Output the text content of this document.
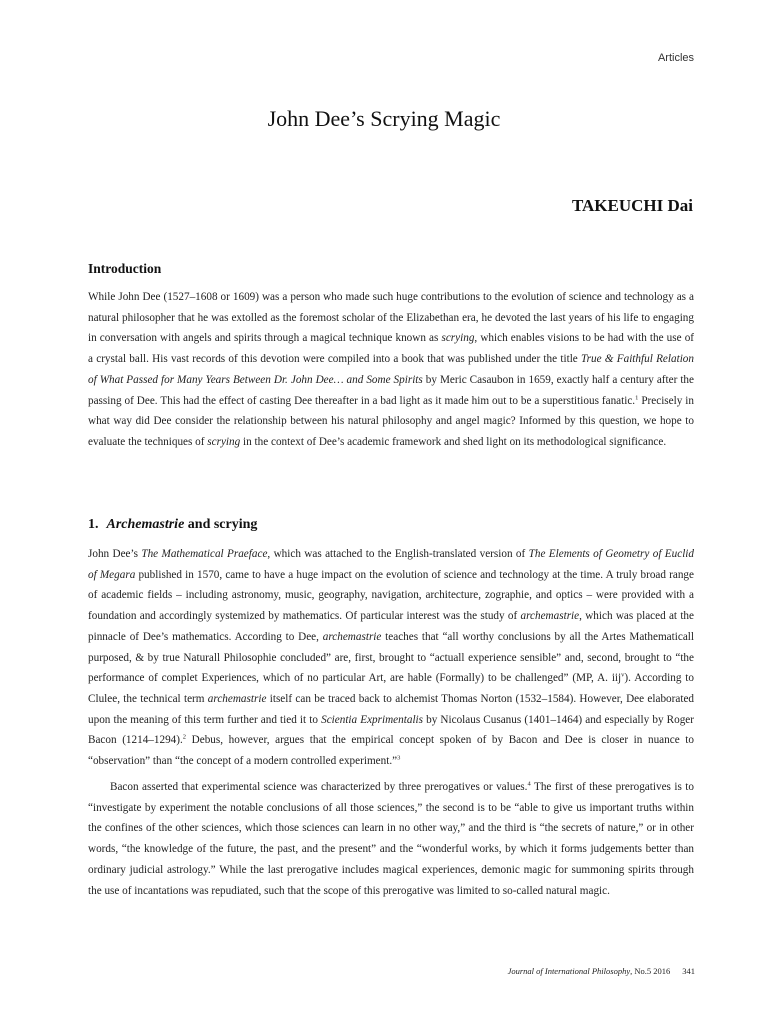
Articles
John Dee’s Scrying Magic
TAKEUCHI Dai
Introduction

While John Dee (1527–1608 or 1609) was a person who made such huge contributions to the evolution of science and technology as a natural philosopher that he was extolled as the foremost scholar of the Elizabethan era, he devoted the last years of his life to engaging in conversation with angels and spirits through a magical technique known as scrying, which enables visions to be had with the use of a crystal ball. His vast records of this devotion were compiled into a book that was published under the title True & Faithful Relation of What Passed for Many Years Between Dr. John Dee… and Some Spirits by Meric Casaubon in 1659, exactly half a century after the passing of Dee. This had the effect of casting Dee thereafter in a bad light as it made him out to be a superstitious fanatic.$^1$ Precisely in what way did Dee consider the relationship between his natural philosophy and angel magic? Informed by this question, we hope to evaluate the techniques of scrying in the context of Dee’s academic framework and shed light on its methodological significance.

1. Archemastrie and scrying

John Dee’s The Mathematical Praeface, which was attached to the English-translated version of The Elements of Geometry of Euclid of Megara published in 1570, came to have a huge impact on the evolution of science and technology at the time. A truly broad range of academic fields – including astronomy, music, geography, navigation, architecture, zographie, and optics – were provided with a foundation and accordingly systemized by mathematics. Of particular interest was the study of archemastrie, which was placed at the pinnacle of Dee’s mathematics. According to Dee, archemastrie teaches that “all worthy conclusions by all the Artes Mathematicall purposed, & by true Naturall Philosophie concluded” are, first, brought to “actuall experience sensible” and, second, brought to “the performance of complet Experiences, which of no particular Art, are hable (Formally) to be challenged” (MP, A. iij$^v$). According to Clulee, the technical term archemastrie itself can be traced back to alchemist Thomas Norton (1532–1584). However, Dee elaborated upon the meaning of this term further and tied it to Scientia Exprimentalis by Nicolaus Cusanus (1401–1464) and especially by Roger Bacon (1214–1294).$^2$ Debus, however, argues that the empirical concept spoken of by Bacon and Dee is closer in nuance to “observation” than “the concept of a modern controlled experiment.”$^3$

Bacon asserted that experimental science was characterized by three prerogatives or values.$^4$ The first of these prerogatives is to “investigate by experiment the notable conclusions of all those sciences,” the second is to be “able to give us important truths within the confines of the other sciences, which those sciences can learn in no other way,” and the third is “the secrets of nature,” or in other words, “the knowledge of the future, the past, and the present” and the “wonderful works, by which it forms judgements better than ordinary judicial astrology.” While the last prerogative includes magical experiences, demonic magic for summoning spirits through the use of incantations was repudiated, such that the scope of this prerogative was limited to so-called natural magic.

Journal of International Philosophy, No.5 2016 341
